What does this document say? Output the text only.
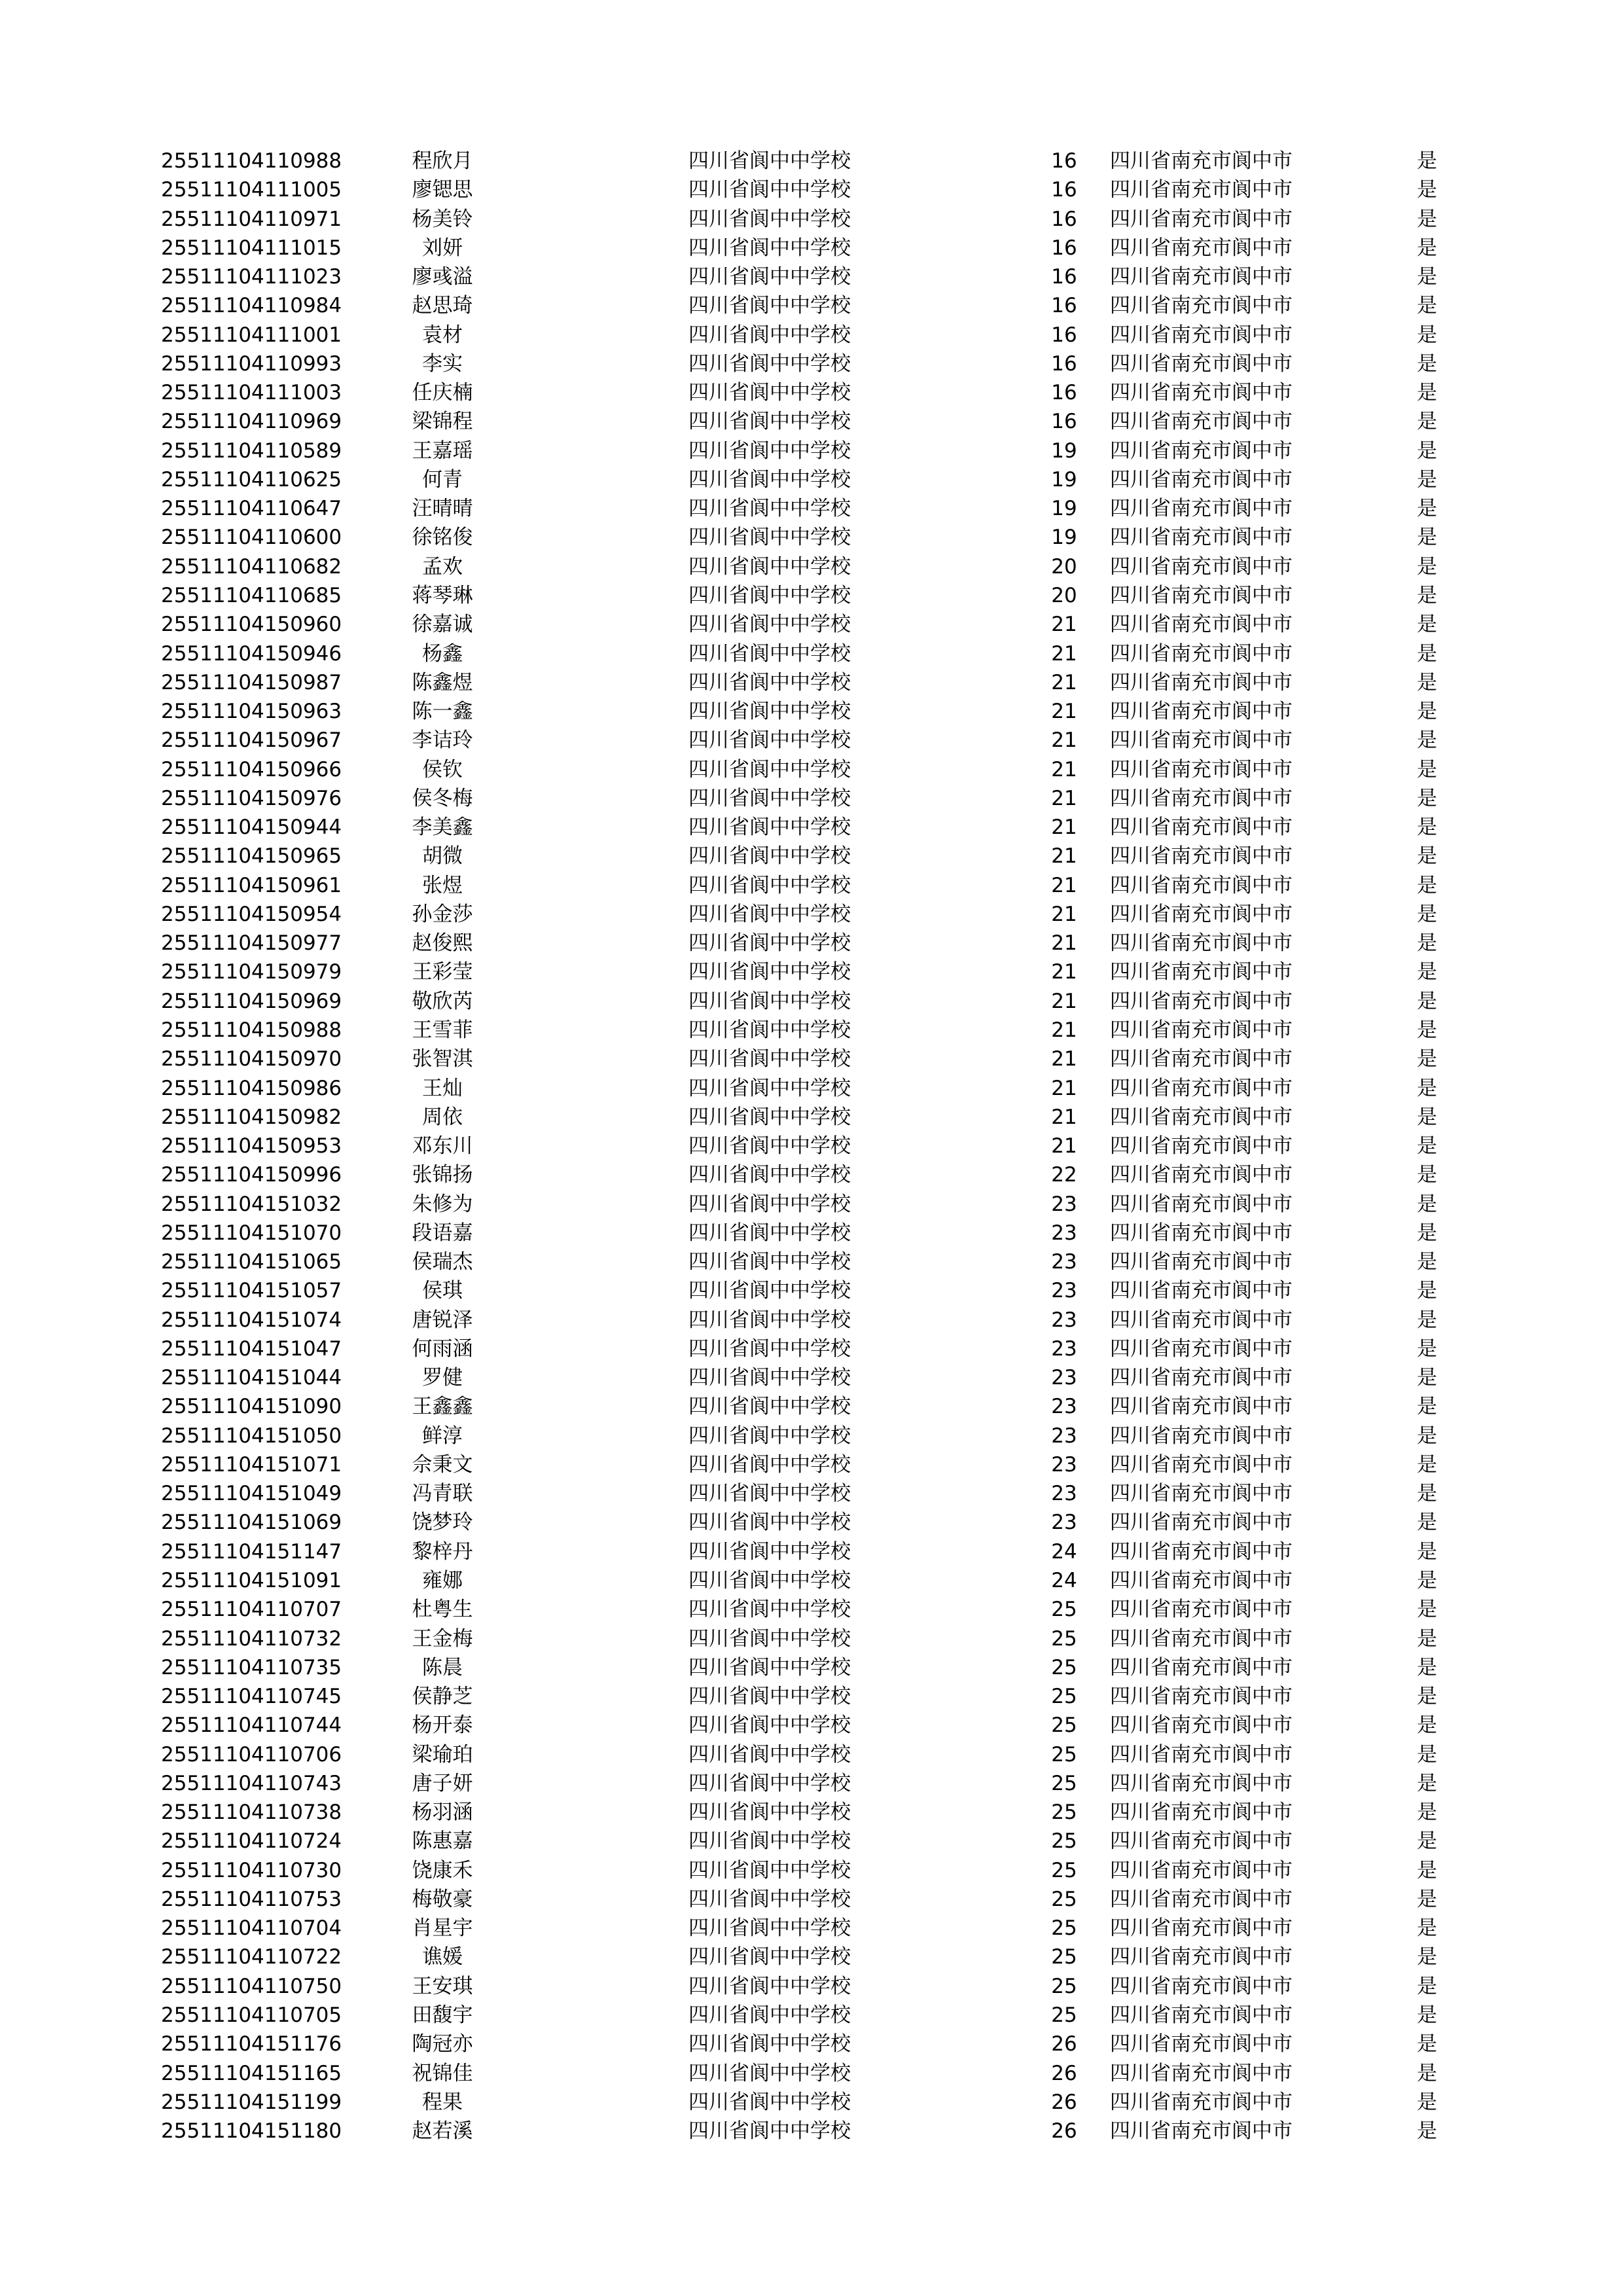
25511104110988	程欣月	四川省阆中中学校	16	四川省南充市阆中市	是
25511104111005	廖锶思	四川省阆中中学校	16	四川省南充市阆中市	是
25511104110971	杨美铃	四川省阆中中学校	16	四川省南充市阆中市	是
25511104111015	刘妍	四川省阆中中学校	16	四川省南充市阆中市	是
25511104111023	廖彧溢	四川省阆中中学校	16	四川省南充市阆中市	是
25511104110984	赵思琦	四川省阆中中学校	16	四川省南充市阆中市	是
25511104111001	袁材	四川省阆中中学校	16	四川省南充市阆中市	是
25511104110993	李实	四川省阆中中学校	16	四川省南充市阆中市	是
25511104111003	任庆楠	四川省阆中中学校	16	四川省南充市阆中市	是
25511104110969	梁锦程	四川省阆中中学校	16	四川省南充市阆中市	是
25511104110589	王嘉瑶	四川省阆中中学校	19	四川省南充市阆中市	是
25511104110625	何青	四川省阆中中学校	19	四川省南充市阆中市	是
25511104110647	汪晴晴	四川省阆中中学校	19	四川省南充市阆中市	是
25511104110600	徐铭俊	四川省阆中中学校	19	四川省南充市阆中市	是
25511104110682	孟欢	四川省阆中中学校	20	四川省南充市阆中市	是
25511104110685	蒋琴琳	四川省阆中中学校	20	四川省南充市阆中市	是
25511104150960	徐嘉诚	四川省阆中中学校	21	四川省南充市阆中市	是
25511104150946	杨鑫	四川省阆中中学校	21	四川省南充市阆中市	是
25511104150987	陈鑫煜	四川省阆中中学校	21	四川省南充市阆中市	是
25511104150963	陈一鑫	四川省阆中中学校	21	四川省南充市阆中市	是
25511104150967	李诘玲	四川省阆中中学校	21	四川省南充市阆中市	是
25511104150966	侯钦	四川省阆中中学校	21	四川省南充市阆中市	是
25511104150976	侯冬梅	四川省阆中中学校	21	四川省南充市阆中市	是
25511104150944	李美鑫	四川省阆中中学校	21	四川省南充市阆中市	是
25511104150965	胡微	四川省阆中中学校	21	四川省南充市阆中市	是
25511104150961	张煜	四川省阆中中学校	21	四川省南充市阆中市	是
25511104150954	孙金莎	四川省阆中中学校	21	四川省南充市阆中市	是
25511104150977	赵俊熙	四川省阆中中学校	21	四川省南充市阆中市	是
25511104150979	王彩莹	四川省阆中中学校	21	四川省南充市阆中市	是
25511104150969	敬欣芮	四川省阆中中学校	21	四川省南充市阆中市	是
25511104150988	王雪菲	四川省阆中中学校	21	四川省南充市阆中市	是
25511104150970	张智淇	四川省阆中中学校	21	四川省南充市阆中市	是
25511104150986	王灿	四川省阆中中学校	21	四川省南充市阆中市	是
25511104150982	周依	四川省阆中中学校	21	四川省南充市阆中市	是
25511104150953	邓东川	四川省阆中中学校	21	四川省南充市阆中市	是
25511104150996	张锦扬	四川省阆中中学校	22	四川省南充市阆中市	是
25511104151032	朱修为	四川省阆中中学校	23	四川省南充市阆中市	是
25511104151070	段语嘉	四川省阆中中学校	23	四川省南充市阆中市	是
25511104151065	侯瑞杰	四川省阆中中学校	23	四川省南充市阆中市	是
25511104151057	侯琪	四川省阆中中学校	23	四川省南充市阆中市	是
25511104151074	唐锐泽	四川省阆中中学校	23	四川省南充市阆中市	是
25511104151047	何雨涵	四川省阆中中学校	23	四川省南充市阆中市	是
25511104151044	罗健	四川省阆中中学校	23	四川省南充市阆中市	是
25511104151090	王鑫鑫	四川省阆中中学校	23	四川省南充市阆中市	是
25511104151050	鲜淳	四川省阆中中学校	23	四川省南充市阆中市	是
25511104151071	佘秉文	四川省阆中中学校	23	四川省南充市阆中市	是
25511104151049	冯青联	四川省阆中中学校	23	四川省南充市阆中市	是
25511104151069	饶梦玲	四川省阆中中学校	23	四川省南充市阆中市	是
25511104151147	黎梓丹	四川省阆中中学校	24	四川省南充市阆中市	是
25511104151091	雍娜	四川省阆中中学校	24	四川省南充市阆中市	是
25511104110707	杜粤生	四川省阆中中学校	25	四川省南充市阆中市	是
25511104110732	王金梅	四川省阆中中学校	25	四川省南充市阆中市	是
25511104110735	陈晨	四川省阆中中学校	25	四川省南充市阆中市	是
25511104110745	侯静芝	四川省阆中中学校	25	四川省南充市阆中市	是
25511104110744	杨开泰	四川省阆中中学校	25	四川省南充市阆中市	是
25511104110706	梁瑜珀	四川省阆中中学校	25	四川省南充市阆中市	是
25511104110743	唐子妍	四川省阆中中学校	25	四川省南充市阆中市	是
25511104110738	杨羽涵	四川省阆中中学校	25	四川省南充市阆中市	是
25511104110724	陈惠嘉	四川省阆中中学校	25	四川省南充市阆中市	是
25511104110730	饶康禾	四川省阆中中学校	25	四川省南充市阆中市	是
25511104110753	梅敬豪	四川省阆中中学校	25	四川省南充市阆中市	是
25511104110704	肖星宇	四川省阆中中学校	25	四川省南充市阆中市	是
25511104110722	谯媛	四川省阆中中学校	25	四川省南充市阆中市	是
25511104110750	王安琪	四川省阆中中学校	25	四川省南充市阆中市	是
25511104110705	田馥宇	四川省阆中中学校	25	四川省南充市阆中市	是
25511104151176	陶冠亦	四川省阆中中学校	26	四川省南充市阆中市	是
25511104151165	祝锦佳	四川省阆中中学校	26	四川省南充市阆中市	是
25511104151199	程果	四川省阆中中学校	26	四川省南充市阆中市	是
25511104151180	赵若溪	四川省阆中中学校	26	四川省南充市阆中市	是
